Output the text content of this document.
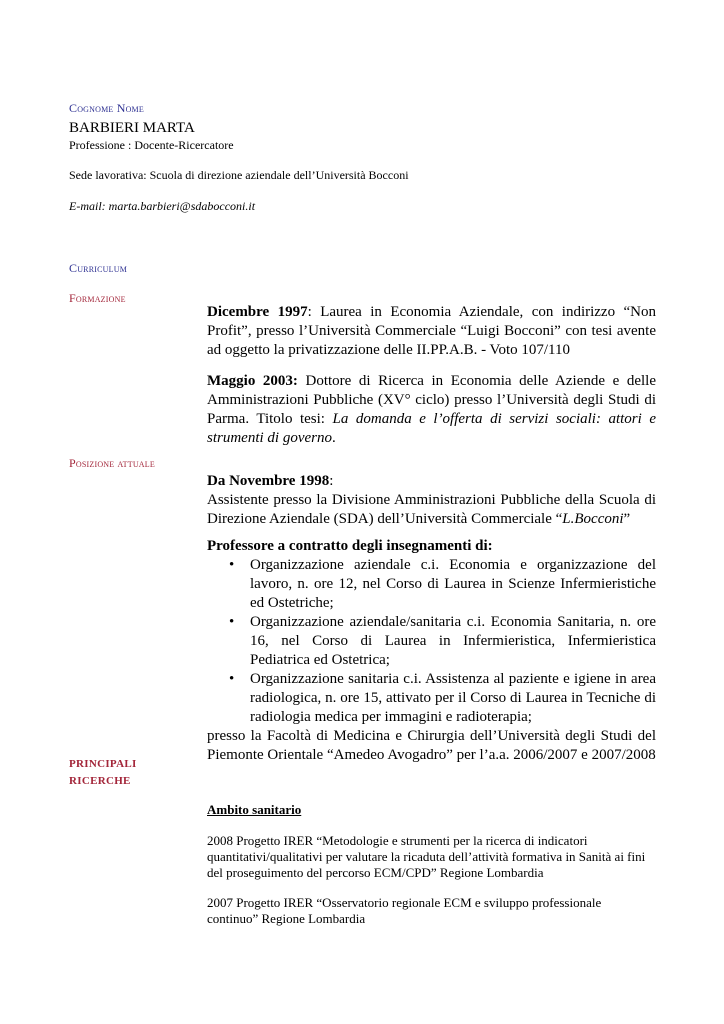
Cognome Nome
BARBIERI MARTA
Professione : Docente-Ricercatore
Sede lavorativa: Scuola di direzione aziendale dell’Università Bocconi
E-mail: marta.barbieri@sdabocconi.it
Curriculum
Formazione
Posizione attuale
PRINCIPALI
RICERCHE
Dicembre 1997: Laurea in Economia Aziendale, con indirizzo “Non Profit”, presso l’Università Commerciale “Luigi Bocconi” con tesi avente ad oggetto la privatizzazione delle II.PP.A.B. - Voto 107/110
Maggio 2003: Dottore di Ricerca in Economia delle Aziende e delle Amministrazioni Pubbliche (XV° ciclo) presso l’Università degli Studi di Parma. Titolo tesi: La domanda e l’offerta di servizi sociali: attori e strumenti di governo.
Da Novembre 1998:
Assistente presso la Divisione Amministrazioni Pubbliche della Scuola di Direzione Aziendale (SDA) dell’Università Commerciale “L.Bocconi”
Professore a contratto degli insegnamenti di:
• Organizzazione aziendale c.i. Economia e organizzazione del lavoro, n. ore 12, nel Corso di Laurea in Scienze Infermieristiche ed Ostetriche;
• Organizzazione aziendale/sanitaria c.i. Economia Sanitaria, n. ore 16, nel Corso di Laurea in Infermieristica, Infermieristica Pediatrica ed Ostetrica;
• Organizzazione sanitaria c.i. Assistenza al paziente e igiene in area radiologica, n. ore 15, attivato per il Corso di Laurea in Tecniche di radiologia medica per immagini e radioterapia;
presso la Facoltà di Medicina e Chirurgia dell’Università degli Studi del Piemonte Orientale “Amedeo Avogadro” per l’a.a. 2006/2007 e 2007/2008
Ambito sanitario
2008 Progetto IRER “Metodologie e strumenti per la ricerca di indicatori quantitativi/qualitativi per valutare la ricaduta dell’attività formativa in Sanità ai fini del proseguimento del percorso ECM/CPD” Regione Lombardia
2007 Progetto IRER “Osservatorio regionale ECM e sviluppo professionale continuo” Regione Lombardia
